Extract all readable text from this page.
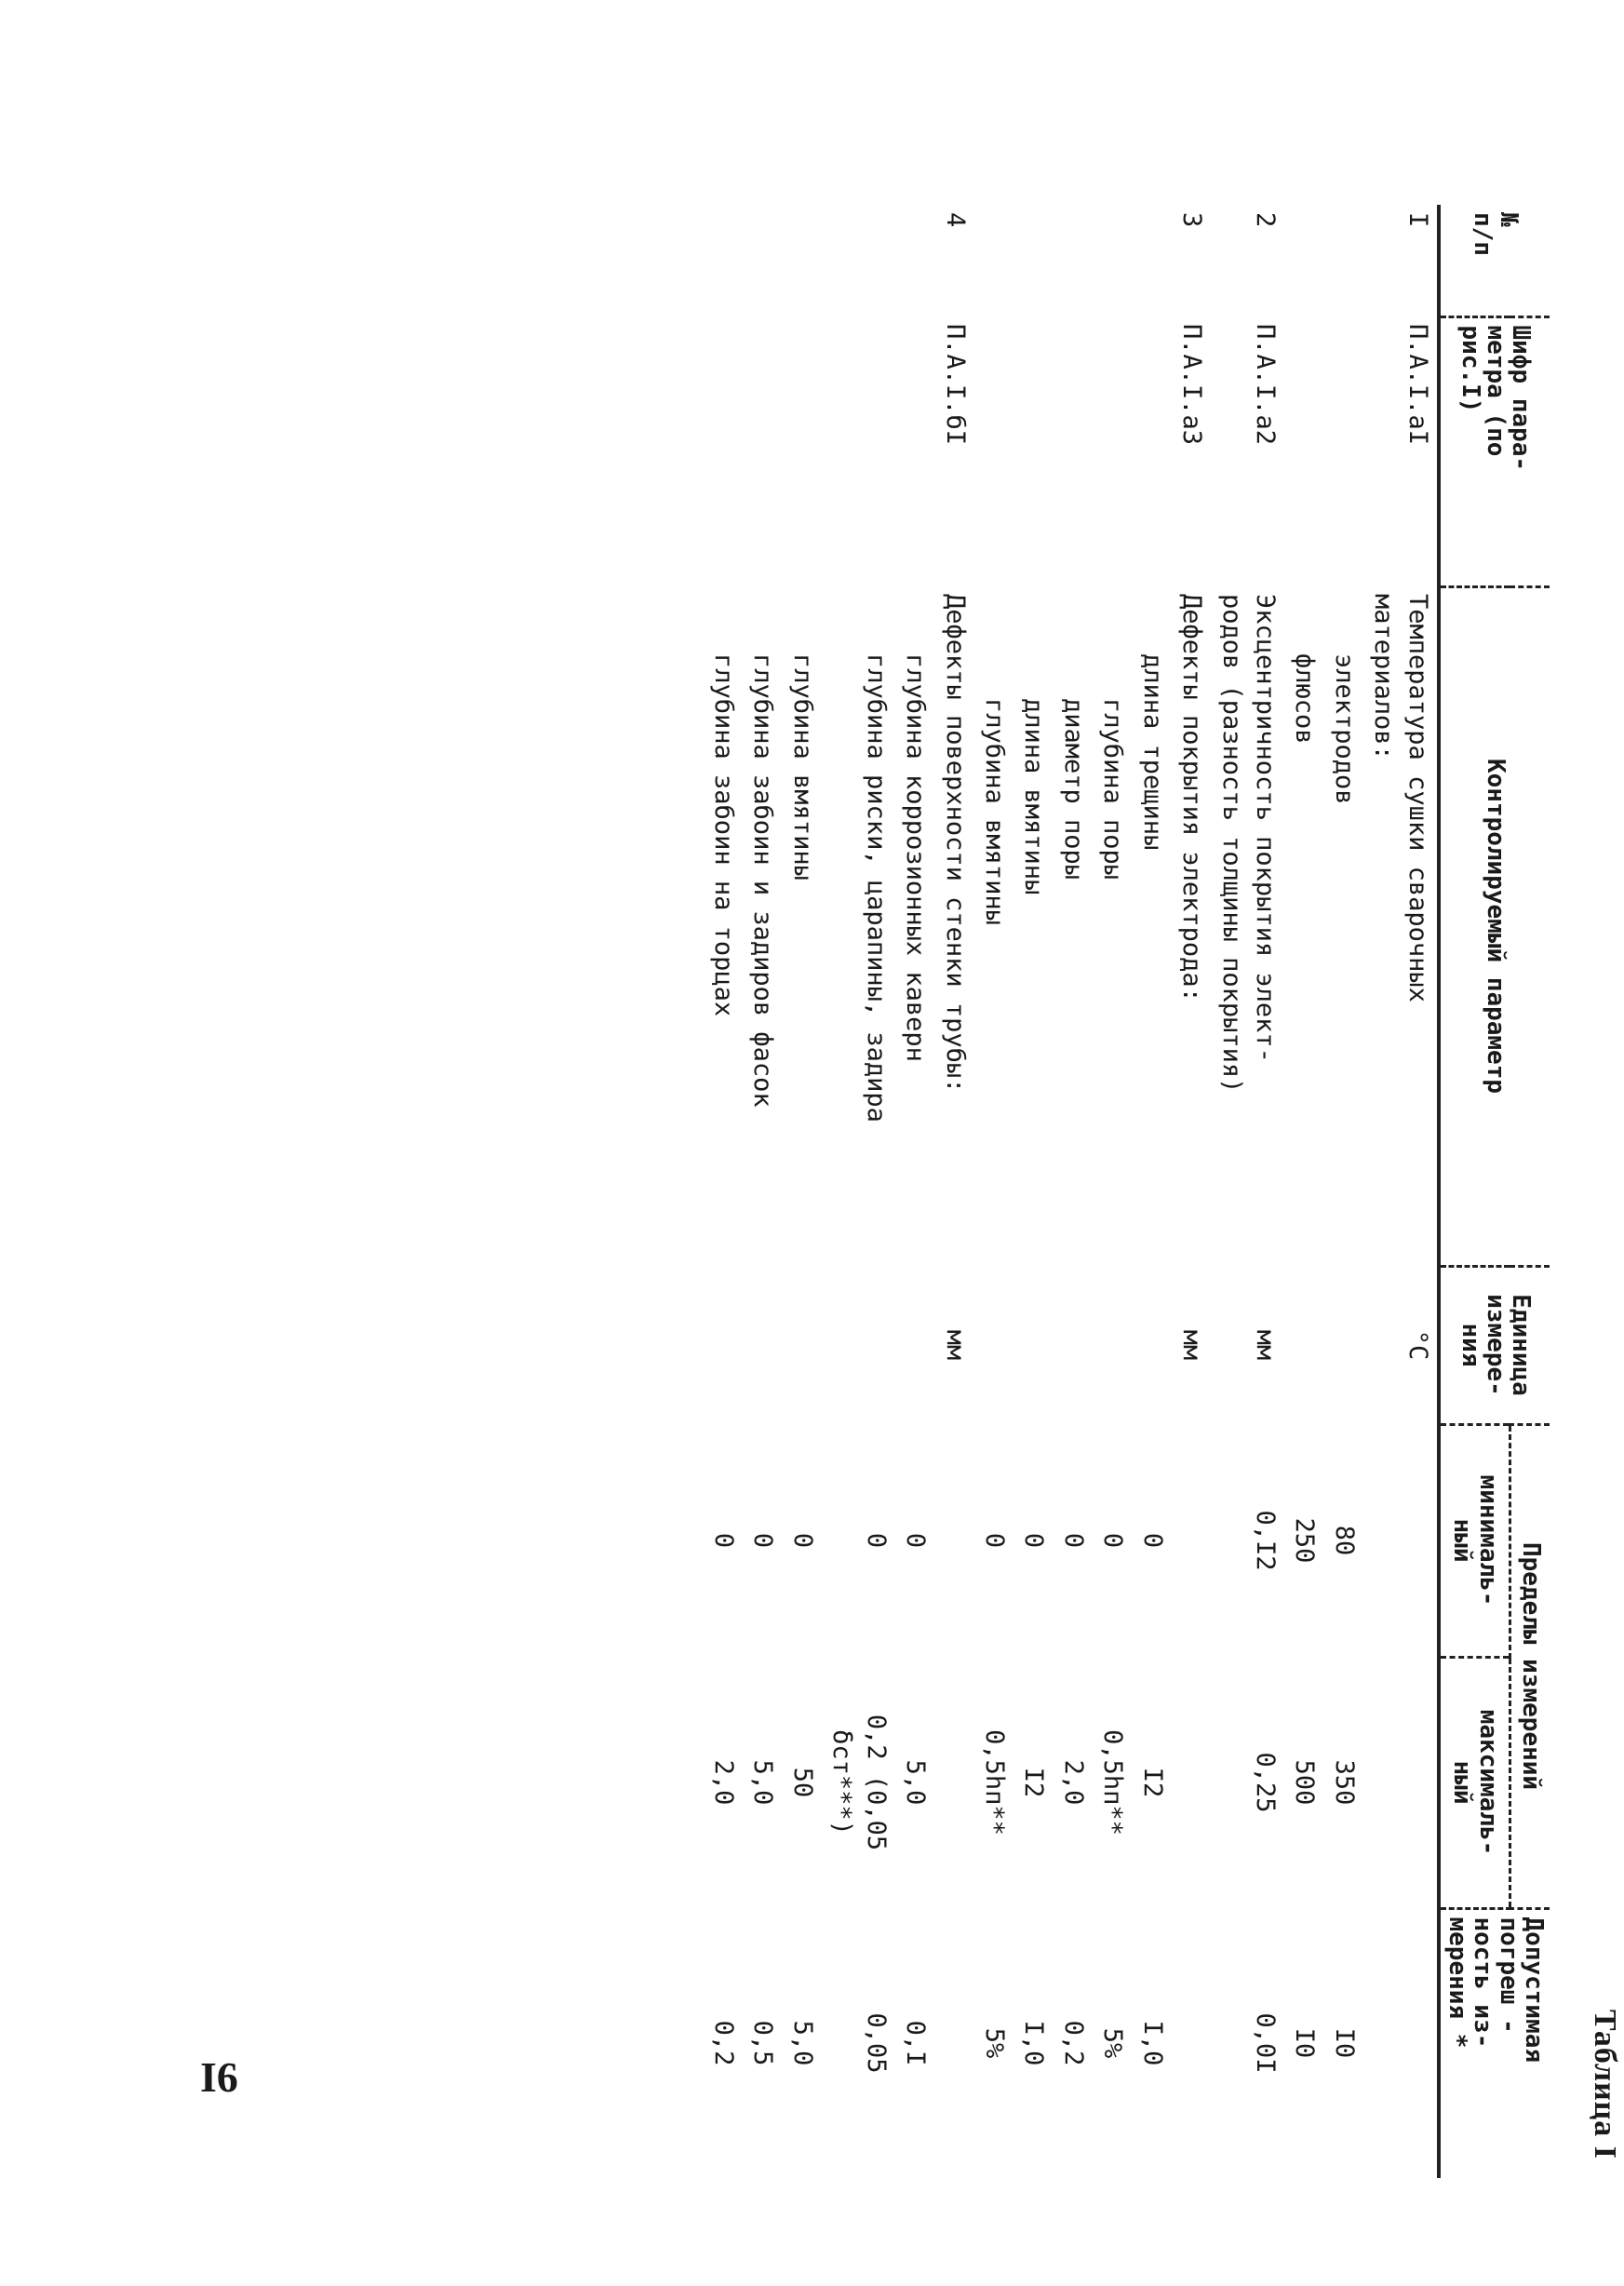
I6	Таблица I
№
п/п	Шифр пара-
метра (по
рис.I)	Контролируемый параметр	Единица
измере-
ния	Пределы измерений		Допустимая
погреш -
ность из-
мерения *
				минималь-
ный	максималь-
ный	
I	П.А.I.aI	Температура сушки сварочных
материалов:	°C			
		электродов		80	350	I0
		флюсов		250	500	I0
2	П.А.I.a2	Эксцентричность покрытия элект-
родов (разность толщины покрытия)	мм	0,I2	0,25	0,0I
3	П.А.I.a3	Дефекты покрытия электрода:	мм			
		длина трещины		0	I2	I,0
		глубина поры		0	0,5hп**	5%
		диаметр поры		0	2,0	0,2
		длина вмятины		0	I2	I,0
		глубина вмятины		0	0,5hп**	5%
4	П.А.I.бI	Дефекты поверхности стенки трубы:	мм			
		глубина коррозионных каверн		0	5,0	0,I
		глубина риски, царапины, задира		0	0,2 (0,05 δст***)	0,05
		глубина вмятины		0	50	5,0
		глубина забоин и задиров фасок		0	5,0	0,5
		глубина забоин на торцах		0	2,0	0,2
